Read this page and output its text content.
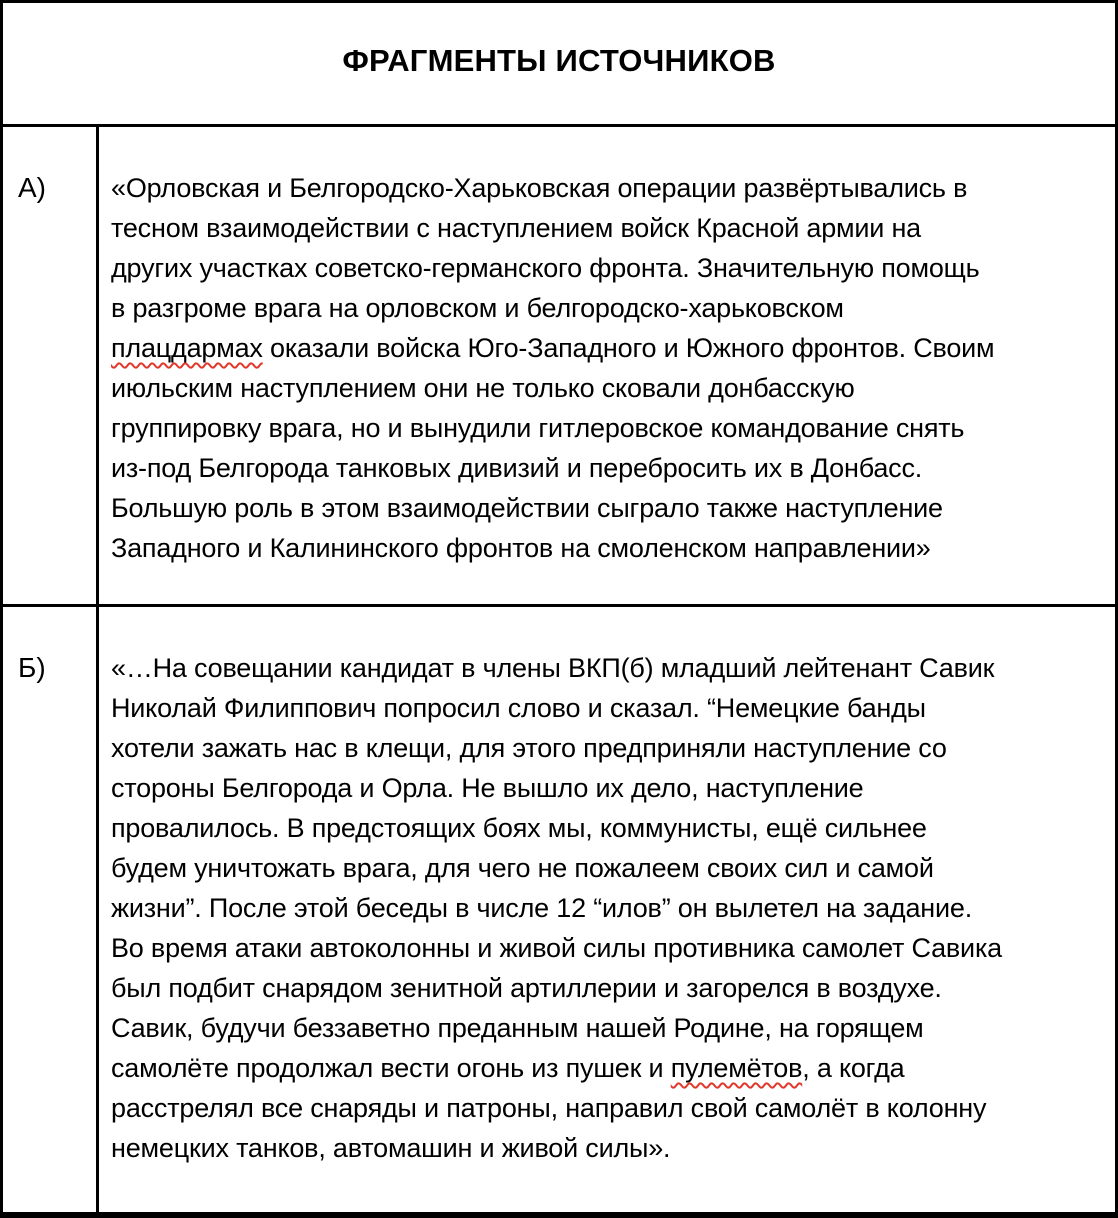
ФРАГМЕНТЫ ИСТОЧНИКОВ
А)	«Орловская и Белгородско-Харьковская операции развёртывались в
тесном взаимодействии с наступлением войск Красной армии на
других участках советско-германского фронта. Значительную помощь
в разгроме врага на орловском и белгородско-харьковском
плацдармах оказали войска Юго-Западного и Южного фронтов. Своим
июльским наступлением они не только сковали донбасскую
группировку врага, но и вынудили гитлеровское командование снять
из-под Белгорода танковых дивизий и перебросить их в Донбасс.
Большую роль в этом взаимодействии сыграло также наступление
Западного и Калининского фронтов на смоленском направлении»
Б)	«…На совещании кандидат в члены ВКП(б) младший лейтенант Савик
Николай Филиппович попросил слово и сказал. “Немецкие банды
хотели зажать нас в клещи, для этого предприняли наступление со
стороны Белгорода и Орла. Не вышло их дело, наступление
провалилось. В предстоящих боях мы, коммунисты, ещё сильнее
будем уничтожать врага, для чего не пожалеем своих сил и самой
жизни”. После этой беседы в числе 12 “илов” он вылетел на задание.
Во время атаки автоколонны и живой силы противника самолет Савика
был подбит снарядом зенитной артиллерии и загорелся в воздухе.
Савик, будучи беззаветно преданным нашей Родине, на горящем
самолёте продолжал вести огонь из пушек и пулемётов, а когда
расстрелял все снаряды и патроны, направил свой самолёт в колонну
немецких танков, автомашин и живой силы».
